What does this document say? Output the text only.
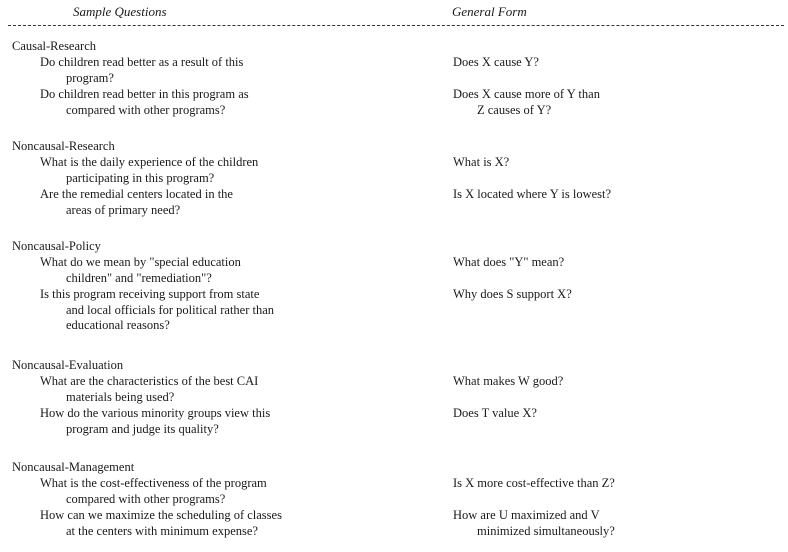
Sample Questions	General Form
Causal-Research
Do children read better as a result of this
program?
Does X cause Y?
Do children read better in this program as
compared with other programs?
Does X cause more of Y than
Z causes of Y?
Noncausal-Research
What is the daily experience of the children
participating in this program?
What is X?
Are the remedial centers located in the
areas of primary need?
Is X located where Y is lowest?
Noncausal-Policy
What do we mean by "special education
children" and "remediation"?
What does "Y" mean?
Is this program receiving support from state
and local officials for political rather than
educational reasons?
Why does S support X?
Noncausal-Evaluation
What are the characteristics of the best CAI
materials being used?
What makes W good?
How do the various minority groups view this
program and judge its quality?
Does T value X?
Noncausal-Management
What is the cost-effectiveness of the program
compared with other programs?
Is X more cost-effective than Z?
How can we maximize the scheduling of classes
at the centers with minimum expense?
How are U maximized and V
minimized simultaneously?
